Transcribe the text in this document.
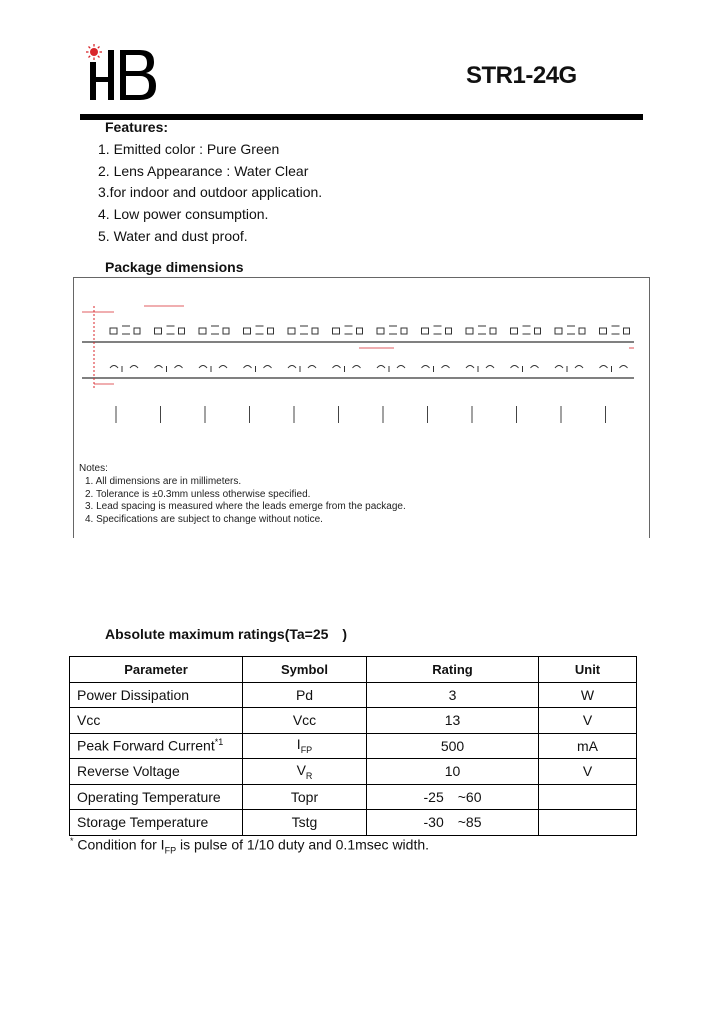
STR1-24G
Features:
1. Emitted color : Pure Green
2. Lens Appearance : Water Clear
3.for indoor and outdoor application.
4. Low power consumption.
5. Water and dust proof.
Package dimensions
Notes:
1. All dimensions are in millimeters.
2. Tolerance is ±0.3mm unless otherwise specified.
3. Lead spacing is measured where the leads emerge from the package.
4. Specifications are subject to change without notice.
Absolute maximum ratings(Ta=25 )
Parameter	Symbol	Rating	Unit
Power Dissipation	Pd	3	W
Vcc	Vcc	13	V
Peak Forward Current$^{*1}$	$I_{FP}$	500	mA
Reverse Voltage	$V_R$	10	V
Operating Temperature	Topr	-25 ~60	
Storage Temperature	Tstg	-30 ~85	
* Condition for $I_{FP}$ is pulse of 1/10 duty and 0.1msec width.
